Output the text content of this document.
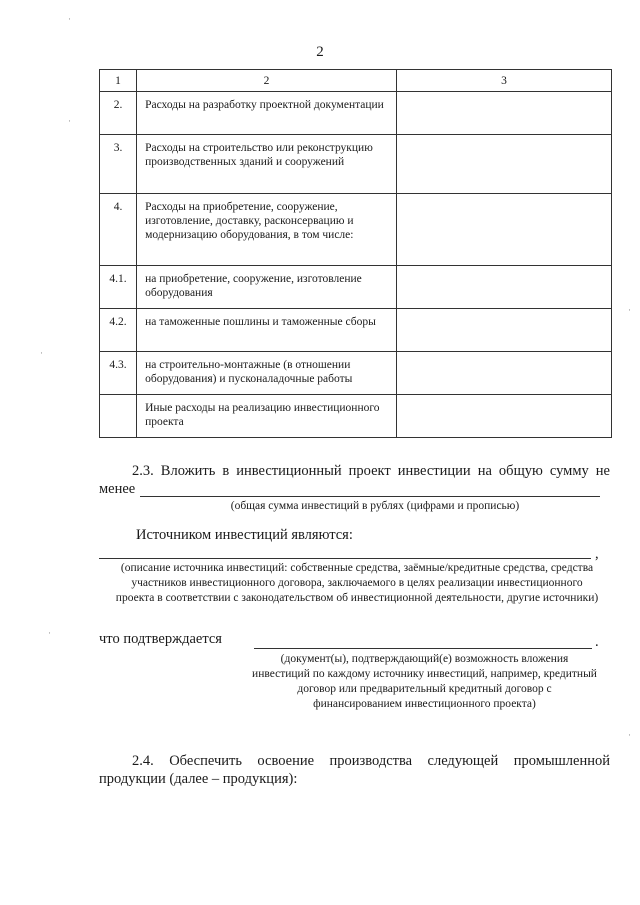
2
1	2	3
2.	Расходы на разработку проектной документации	
3.	Расходы на строительство или реконструкцию производственных зданий и сооружений	
4.	Расходы на приобретение, сооружение, изготовление, доставку, расконсервацию и модернизацию оборудования, в том числе:	
4.1.	на приобретение, сооружение, изготовление оборудования	
4.2.	на таможенные пошлины и таможенные сборы	
4.3.	на строительно-монтажные (в отношении оборудования) и пусконаладочные работы	
	Иные расходы на реализацию инвестиционного проекта	
2.3. Вложить в инвестиционный проект инвестиции на общую сумму не
менее
(общая сумма инвестиций в рублях (цифрами и прописью)
Источником инвестиций являются:
,
(описание источника инвестиций: собственные средства, заёмные/кредитные средства, средства участников инвестиционного договора, заключаемого в целях реализации инвестиционного проекта в соответствии с законодательством об инвестиционной деятельности, другие источники)
что подтверждается	.
(документ(ы), подтверждающий(е) возможность вложения инвестиций по каждому источнику инвестиций, например, кредитный договор или предварительный кредитный договор с финансированием инвестиционного проекта)
2.4. Обеспечить освоение производства следующей промышленной
продукции (далее – продукция):
·
·
·
·
·
·
